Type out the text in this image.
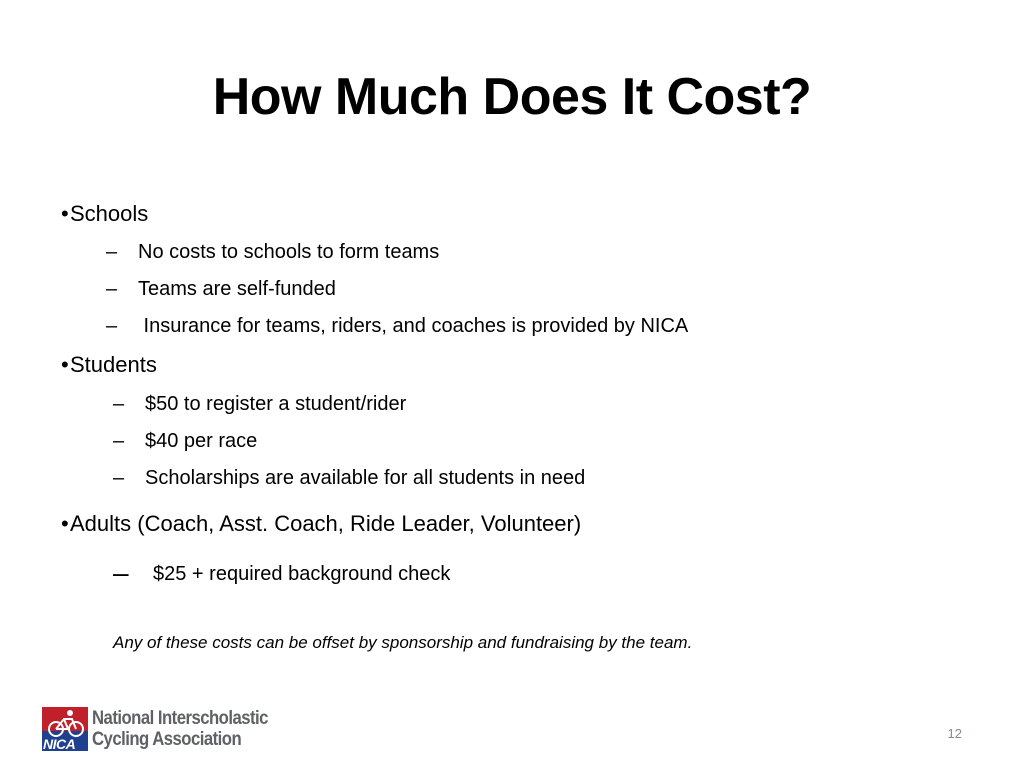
How Much Does It Cost?
•Schools
– No costs to schools to form teams
– Teams are self-funded
– Insurance for teams, riders, and coaches is provided by NICA
•Students
– $50 to register a student/rider
– $40 per race
– Scholarships are available for all students in need
•Adults (Coach, Asst. Coach, Ride Leader, Volunteer)
– $25 + required background check
Any of these costs can be offset by sponsorship and fundraising by the team.
NICA
National Interscholastic
Cycling Association	12
